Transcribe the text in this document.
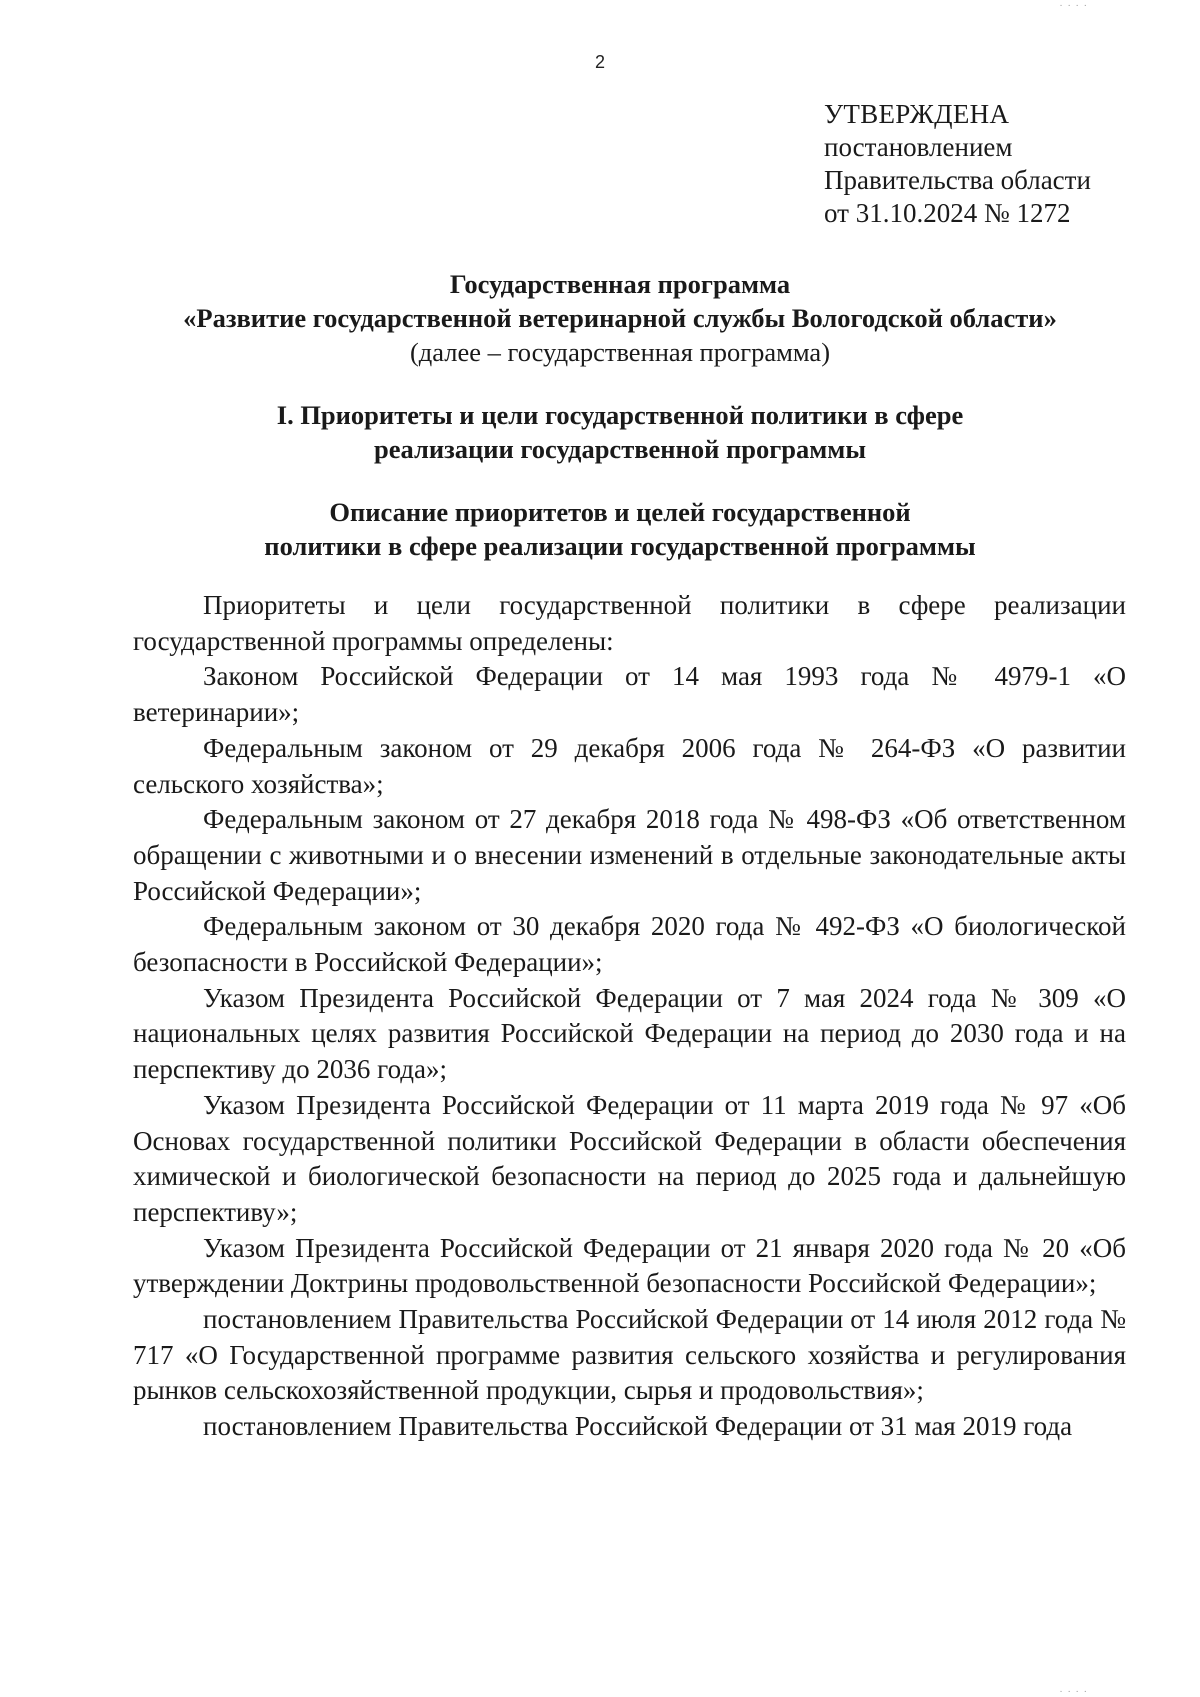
· · · ·
2
УТВЕРЖДЕНА
постановлением
Правительства области
от 31.10.2024 № 1272
Государственная программа
«Развитие государственной ветеринарной службы Вологодской области»
(далее – государственная программа)
I. Приоритеты и цели государственной политики в сфере
реализации государственной программы
Описание приоритетов и целей государственной
политики в сфере реализации государственной программы

Приоритеты и цели государственной политики в сфере реализации государственной программы определены:

Законом Российской Федерации от 14 мая 1993 года № 4979-1 «О ветеринарии»;

Федеральным законом от 29 декабря 2006 года № 264-ФЗ «О развитии сельского хозяйства»;

Федеральным законом от 27 декабря 2018 года № 498-ФЗ «Об ответственном обращении с животными и о внесении изменений в отдельные законодательные акты Российской Федерации»;

Федеральным законом от 30 декабря 2020 года № 492-ФЗ «О биологической безопасности в Российской Федерации»;

Указом Президента Российской Федерации от 7 мая 2024 года № 309 «О национальных целях развития Российской Федерации на период до 2030 года и на перспективу до 2036 года»;

Указом Президента Российской Федерации от 11 марта 2019 года № 97 «Об Основах государственной политики Российской Федерации в области обеспечения химической и биологической безопасности на период до 2025 года и дальнейшую перспективу»;

Указом Президента Российской Федерации от 21 января 2020 года № 20 «Об утверждении Доктрины продовольственной безопасности Российской Федерации»;

постановлением Правительства Российской Федерации от 14 июля 2012 года № 717 «О Государственной программе развития сельского хозяйства и регулирования рынков сельскохозяйственной продукции, сырья и продовольствия»;

постановлением Правительства Российской Федерации от 31 мая 2019 года

· · · ·
